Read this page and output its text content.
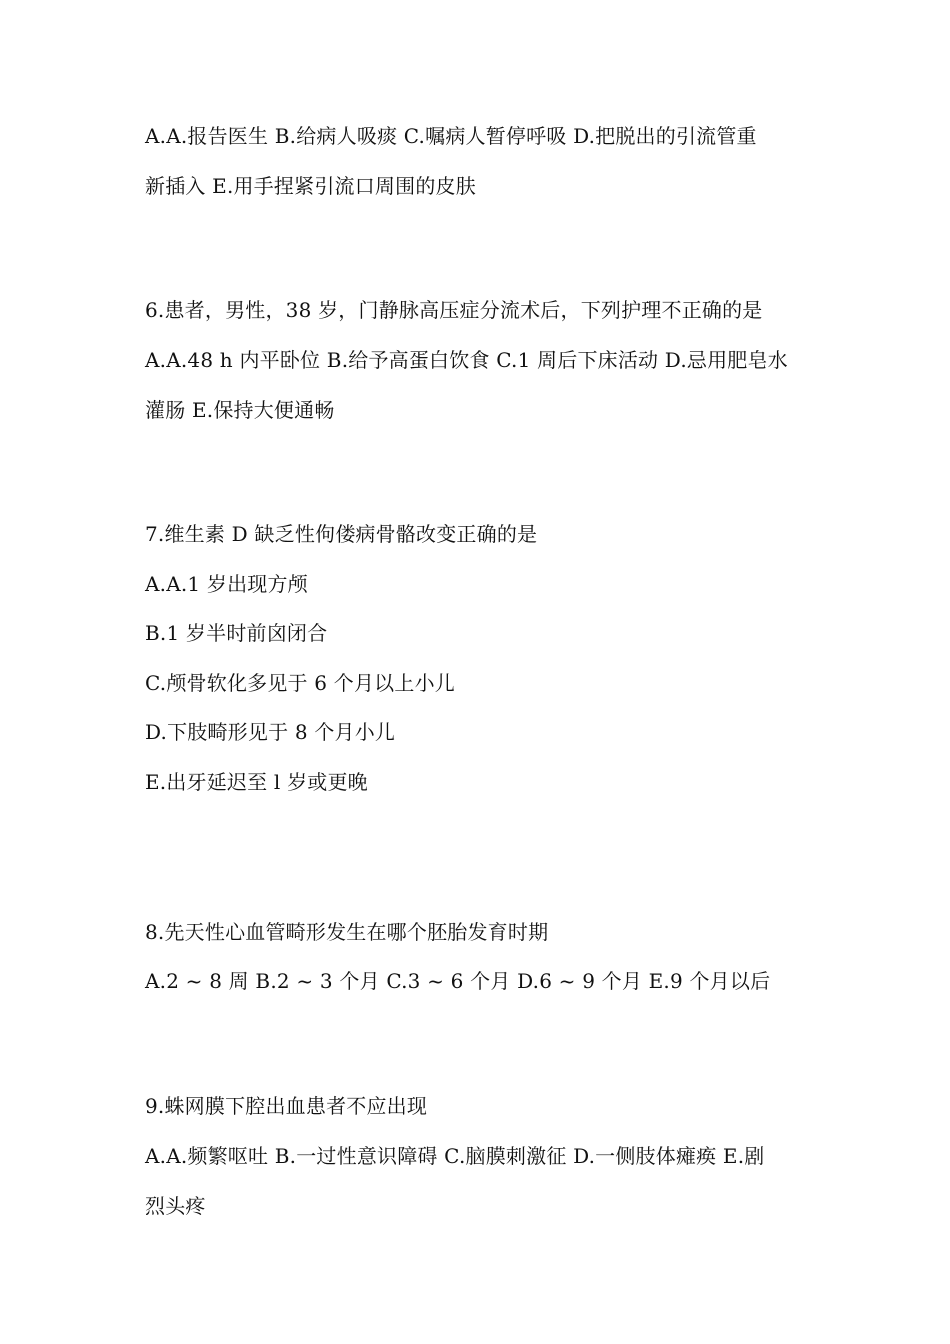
A.A.报告医生 B.给病人吸痰 C.嘱病人暂停呼吸 D.把脱出的引流管重
新插入 E.用手捏紧引流口周围的皮肤
6.患者，男性，38 岁，门静脉高压症分流术后，下列护理不正确的是
A.A.48 h 内平卧位 B.给予高蛋白饮食 C.1 周后下床活动 D.忌用肥皂水
灌肠 E.保持大便通畅
7.维生素 D 缺乏性佝偻病骨骼改变正确的是
A.A.1 岁出现方颅
B.1 岁半时前囟闭合
C.颅骨软化多见于 6 个月以上小儿
D.下肢畸形见于 8 个月小儿
E.出牙延迟至 l 岁或更晚
8.先天性心血管畸形发生在哪个胚胎发育时期
A.2 ~ 8 周 B.2 ~ 3 个月 C.3 ~ 6 个月 D.6 ~ 9 个月 E.9 个月以后
9.蛛网膜下腔出血患者不应出现
A.A.频繁呕吐 B.一过性意识障碍 C.脑膜刺激征 D.一侧肢体瘫痪 E.剧
烈头疼
